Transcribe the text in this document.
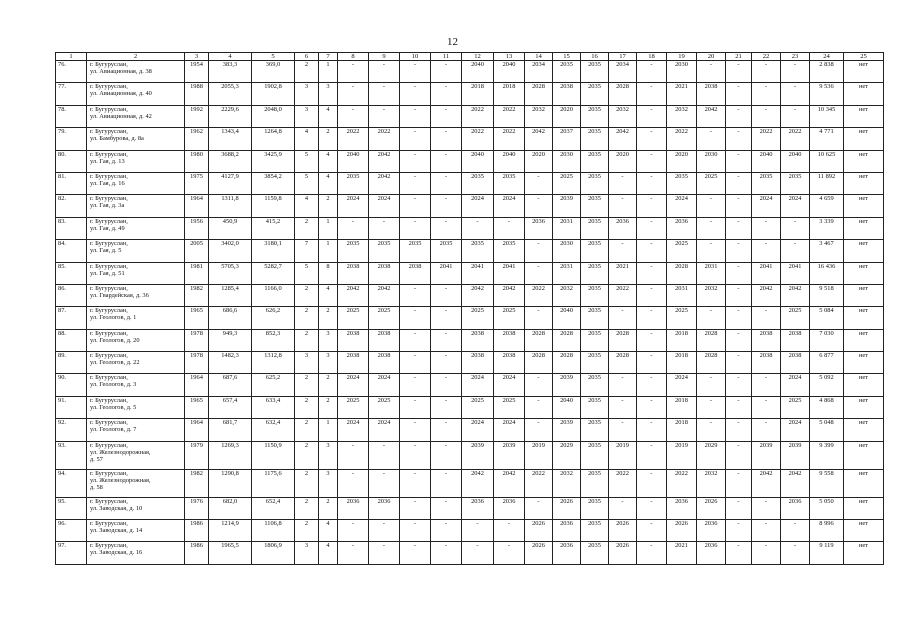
12
1	2	3	4	5	6	7	8	9	10	11	12	13	14	15	16	17	18	19	20	21	22	23	24	25
76.	г. Бугуруслан,
ул. Авиационная, д. 38	1954	383,3	369,0	2	1	-	-	-	-	2040	2040	2034	2035	2035	2034	-	2030	-	-	-	-	2 838	нет
77.	г. Бугуруслан,
ул. Авиационная, д. 40	1988	2055,3	1902,8	3	3	-	-	-	-	2018	2018	2028	2038	2035	2028	-	2021	2038	-	-	-	9 536	нет
78.	г. Бугуруслан,
ул. Авиационная, д. 42	1992	2229,6	2048,0	3	4	-	-	-	-	2022	2022	2032	2020	2035	2032	-	2032	2042	-	-	-	10 345	нет
79.	г. Бугуруслан,
ул. Бамбурова, д. 8а	1962	1343,4	1264,8	4	2	2022	2022	-	-	2022	2022	2042	2037	2035	2042	-	2022	-	-	2022	2022	4 771	нет
80.	г. Бугуруслан,
ул. Гая, д. 13	1980	3688,2	3425,9	5	4	2040	2042	-	-	2040	2040	2020	2030	2035	2020	-	2020	2030	-	2040	2040	10 625	нет
81.	г. Бугуруслан,
ул. Гая, д. 16	1975	4127,9	3854,2	5	4	2035	2042	-	-	2035	2035	-	2025	2035	-	-	2035	2025	-	2035	2035	11 892	нет
82.	г. Бугуруслан,
ул. Гая, д. 3а	1964	1311,8	1159,8	4	2	2024	2024	-	-	2024	2024	-	2039	2035	-	-	2024	-	-	2024	2024	4 659	нет
83.	г. Бугуруслан,
ул. Гая, д. 49	1956	450,9	415,2	2	1	-	-	-	-	-	-	2036	2031	2035	2036	-	2036	-	-	-	-	3 339	нет
84.	г. Бугуруслан,
ул. Гая, д. 5	2005	3402,0	3180,1	7	1	2035	2035	2035	2035	2035	2035	-	2030	2035	-	-	2025	-	-	-	-	3 467	нет
85.	г. Бугуруслан,
ул. Гая, д. 51	1981	5705,3	5282,7	5	8	2038	2038	2038	2041	2041	2041	-	2031	2035	2021	-	2028	2031	-	2041	2041	16 436	нет
86.	г. Бугуруслан,
ул. Гвардейская, д. 36	1982	1285,4	1166,0	2	4	2042	2042	-	-	2042	2042	2022	2032	2035	2022	-	2031	2032	-	2042	2042	9 518	нет
87.	г. Бугуруслан,
ул. Геологов, д. 1	1965	686,6	626,2	2	2	2025	2025	-	-	2025	2025	-	2040	2035	-	-	2025	-	-	-	2025	5 084	нет
88.	г. Бугуруслан,
ул. Геологов, д. 20	1978	949,3	852,3	2	3	2038	2038	-	-	2038	2038	2028	2028	2035	2028	-	2018	2028	-	2038	2038	7 030	нет
89.	г. Бугуруслан,
ул. Геологов, д. 22	1978	1482,3	1312,8	3	3	2038	2038	-	-	2038	2038	2028	2028	2035	2028	-	2018	2028	-	2038	2038	6 877	нет
90.	г. Бугуруслан,
ул. Геологов, д. 3	1964	687,6	625,2	2	2	2024	2024	-	-	2024	2024	-	2039	2035	-	-	2024	-	-	-	2024	5 092	нет
91.	г. Бугуруслан,
ул. Геологов, д. 5	1965	657,4	633,4	2	2	2025	2025	-	-	2025	2025	-	2040	2035	-	-	2018	-	-	-	2025	4 868	нет
92.	г. Бугуруслан,
ул. Геологов, д. 7	1964	681,7	632,4	2	1	2024	2024	-	-	2024	2024	-	2039	2035	-	-	2018	-	-	-	2024	5 048	нет
93.	г. Бугуруслан,
ул. Железнодорожная,
д. 57	1979	1269,3	1150,9	2	3	-	-	-	-	2039	2039	2019	2029	2035	2019	-	2019	2029	-	2039	2039	9 399	нет
94.	г. Бугуруслан,
ул. Железнодорожная,
д. 58	1982	1290,8	1175,6	2	3	-	-	-	-	2042	2042	2022	2032	2035	2022	-	2022	2032	-	2042	2042	9 558	нет
95.	г. Бугуруслан,
ул. Заводская, д. 10	1976	682,0	652,4	2	2	2036	2036	-	-	2036	2036	-	2026	2035	-	-	2036	2026	-	-	2036	5 050	нет
96.	г. Бугуруслан,
ул. Заводская, д. 14	1986	1214,9	1106,8	2	4	-	-	-	-	-	-	2026	2036	2035	2026	-	2026	2036	-	-	-	8 996	нет
97.	г. Бугуруслан,
ул. Заводская, д. 16	1986	1965,5	1806,9	3	4	-	-	-	-	-	-	2026	2036	2035	2026	-	2021	2036	-	-	-	9 119	нет
